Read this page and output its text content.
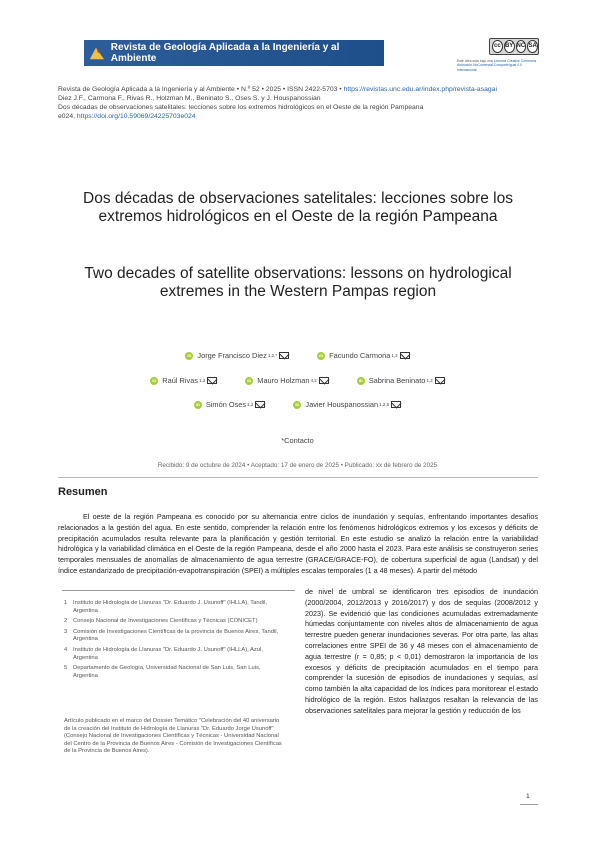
Revista de Geología Aplicada a la Ingeniería y al Ambiente
cc BY NC SA
Este obra está bajo una Licencia Creative Commons Atribución-NoComercial-CompartirIgual 4.0 Internacional.
Revista de Geología Aplicada a la Ingeniería y al Ambiente • N.º 52 • 2025 • ISSN 2422-5703 • https://revistas.unc.edu.ar/index.php/revista-asagai
Diez J.F., Carmona F., Rivas R., Holzman M., Beninato S., Oses S. y J. Houspanossian
Dos décadas de observaciones satelitales: lecciones sobre los extremos hidrológicos en el Oeste de la región Pampeana
e024, https://doi.org/10.59069/24225703e024
Dos décadas de observaciones satelitales: lecciones sobre los extremos hidrológicos en el Oeste de la región Pampeana
Two decades of satellite observations: lessons on hydrological extremes in the Western Pampas region
iD Jorge Francisco Diez 1,2,*	iD Facundo Carmona 1,2
iD Raúl Rivas 1,3	iD Mauro Holzman 4,2	iD Sabrina Beninato 1,2
iD Simón Oses 1,2	iD Javier Houspanossian 1,2,5
*Contacto
Recibido: 9 de octubre de 2024 • Aceptado: 17 de enero de 2025 • Publicado: xx de febrero de 2025
Resumen
El oeste de la región Pampeana es conocido por su alternancia entre ciclos de inundación y sequías, enfrentando importantes desafíos relacionados a la gestión del agua. En este sentido, comprender la relación entre los fenómenos hidrológicos extremos y los excesos y déficits de precipitación acumulados resulta relevante para la planificación y gestión territorial. En este estudio se analizó la relación entre la variabilidad hidrológica y la variabilidad climática en el Oeste de la región Pampeana, desde el año 2000 hasta el 2023. Para este análisis se construyeron series temporales mensuales de anomalías de almacenamiento de agua terrestre (GRACE/GRACE-FO), de cobertura superficial de agua (Landsat) y del índice estandarizado de precipitación-evapotranspiración (SPEI) a múltiples escalas temporales (1 a 48 meses). A partir del método
de nivel de umbral se identificaron tres episodios de inundación (2000/2004, 2012/2013 y 2016/2017) y dos de sequías (2008/2012 y 2023). Se evidenció que las condiciones acumuladas extremadamente húmedas conjuntamente con niveles altos de almacenamiento de agua terrestre pueden generar inundaciones severas. Por otra parte, las altas correlaciones entre SPEI de 36 y 48 meses con el almacenamiento de agua terrestre (r = 0,85; p < 0,01) demostraron la importancia de los excesos y déficits de precipitación acumulados en el tiempo para comprender la sucesión de episodios de inundaciones y sequías, así como también la alta capacidad de los índices para monitorear el estado hidrológico de la región. Estos hallazgos resaltan la relevancia de las observaciones satelitales para mejorar la gestión y reducción de los
1 Instituto de Hidrología de Llanuras "Dr. Eduardo J. Usunoff" (IHLLA), Tandil, Argentina
2 Consejo Nacional de Investigaciones Científicas y Técnicas (CONICET)
3 Comisión de Investigaciones Científicas de la provincia de Buenos Aires, Tandil, Argentina
4 Instituto de Hidrología de Llanuras "Dr. Eduardo J. Usunoff" (IHLLA), Azul, Argentina
5 Departamento de Geología, Universidad Nacional de San Luis, San Luis, Argentina
Artículo publicado en el marco del Dossier Temático "Celebración del 40 aniversario de la creación del Instituto de Hidrología de Llanuras "Dr. Eduardo Jorge Usunoff" (Consejo Nacional de Investigaciones Científicas y Técnicas - Universidad Nacional del Centro de la Provincia de Buenos Aires - Comisión de Investigaciones Científicas de la Provincia de Buenos Aires).
1
